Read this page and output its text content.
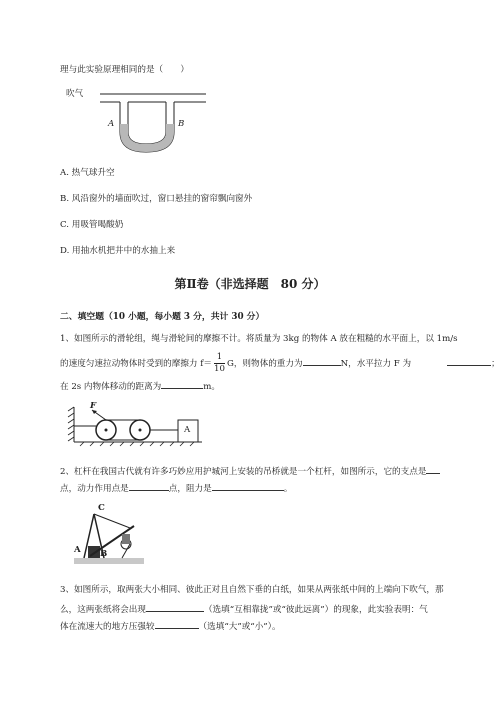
理与此实验原理相同的是（　　）
吹气
A	B
A. 热气球升空
B. 风沿窗外的墙面吹过，窗口悬挂的窗帘飘向窗外
C. 用吸管喝酸奶
D. 用抽水机把井中的水抽上来
第Ⅱ卷（非选择题　80 分）
二、填空题（10 小题，每小题 3 分，共计 30 分）
1、如图所示的滑轮组，绳与滑轮间的摩擦不计。将质量为 3kg 的物体 A 放在粗糙的水平面上，以 1m/s
的速度匀速拉动物体时受到的摩擦力 $f= \frac{1}{10}$ G，则物体的重力为	N，水平拉力 F 为	；
在 2s 内物体移动的距离为	m。
F
A
2、杠杆在我国古代就有许多巧妙应用护城河上安装的吊桥就是一个杠杆，如图所示，它的支点是
点，动力作用点是	点，阻力是	。
C
A B
3、如图所示，取两张大小相同、彼此正对且自然下垂的白纸，如果从两张纸中间的上端向下吹气，那
么，这两张纸将会出现	（选填“互相靠拢”或“彼此远离”）的现象，此实验表明：气
体在流速大的地方压强较	（选填“大”或“小”）。
